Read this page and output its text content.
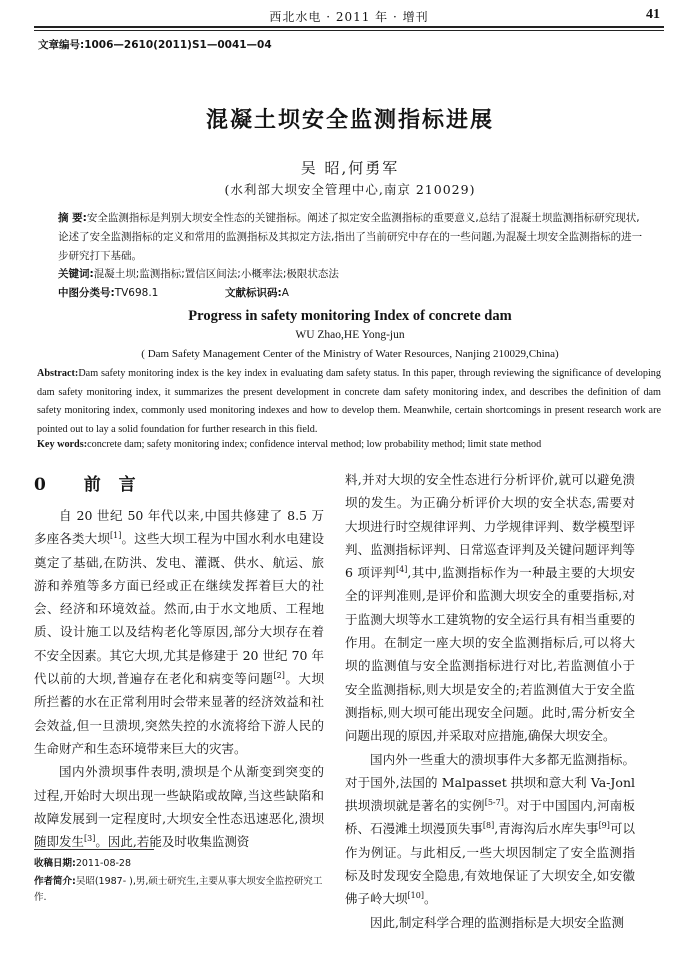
西北水电 · 2011 年 · 增刊	41
文章编号:1006—2610(2011)S1—0041—04
混凝土坝安全监测指标进展
吴 昭,何勇军
(水利部大坝安全管理中心,南京 210029)
摘 要:安全监测指标是判别大坝安全性态的关键指标。阐述了拟定安全监测指标的重要意义,总结了混凝土坝监测指标研究现状,论述了安全监测指标的定义和常用的监测指标及其拟定方法,指出了当前研究中存在的一些问题,为混凝土坝安全监测指标的进一步研究打下基础。
关键词:混凝土坝;监测指标;置信区间法;小概率法;极限状态法
中图分类号:TV698.1	文献标识码:A
Progress in safety monitoring Index of concrete dam
WU Zhao,HE Yong-jun
( Dam Safety Management Center of the Ministry of Water Resources, Nanjing 210029,China)
Abstract:Dam safety monitoring index is the key index in evaluating dam safety status. In this paper, through reviewing the significance of developing dam safety monitoring index, it summarizes the present development in concrete dam safety monitoring index, and describes the definition of dam safety monitoring index, commonly used monitoring indexes and how to develop them. Meanwhile, certain shortcomings in present research work are pointed out to lay a solid foundation for further research in this field.
Key words:concrete dam; safety monitoring index; confidence interval method; low probability method; limit state method
0 前 言

自 20 世纪 50 年代以来,中国共修建了 8.5 万多座各类大坝[1]。这些大坝工程为中国水利水电建设奠定了基础,在防洪、发电、灌溉、供水、航运、旅游和养殖等多方面已经或正在继续发挥着巨大的社会、经济和环境效益。然而,由于水文地质、工程地质、设计施工以及结构老化等原因,部分大坝存在着不安全因素。其它大坝,尤其是修建于 20 世纪 70 年代以前的大坝,普遍存在老化和病变等问题[2]。大坝所拦蓄的水在正常利用时会带来显著的经济效益和社会效益,但一旦溃坝,突然失控的水流将给下游人民的生命财产和生态环境带来巨大的灾害。

国内外溃坝事件表明,溃坝是个从渐变到突变的过程,开始时大坝出现一些缺陷或故障,当这些缺陷和故障发展到一定程度时,大坝安全性态迅速恶化,溃坝随即发生[3]。因此,若能及时收集监测资

料,并对大坝的安全性态进行分析评价,就可以避免溃坝的发生。为正确分析评价大坝的安全状态,需要对大坝进行时空规律评判、力学规律评判、数学模型评判、监测指标评判、日常巡查评判及关键问题评判等 6 项评判[4],其中,监测指标作为一种最主要的大坝安全的评判准则,是评价和监测大坝安全的重要指标,对于监测大坝等水工建筑物的安全运行具有相当重要的作用。在制定一座大坝的安全监测指标后,可以将大坝的监测值与安全监测指标进行对比,若监测值小于安全监测指标,则大坝是安全的;若监测值大于安全监测指标,则大坝可能出现安全问题。此时,需分析安全问题出现的原因,并采取对应措施,确保大坝安全。

国内外一些重大的溃坝事件大多都无监测指标。对于国外,法国的 Malpasset 拱坝和意大利 Va-Jonl 拱坝溃坝就是著名的实例[5-7]。对于中国国内,河南板桥、石漫滩土坝漫顶失事[8],青海沟后水库失事[9]可以作为例证。与此相反,一些大坝因制定了安全监测指标及时发现安全隐患,有效地保证了大坝安全,如安徽佛子岭大坝[10]。

因此,制定科学合理的监测指标是大坝安全监测

收稿日期:2011-08-28
作者简介:吴昭(1987- ),男,硕士研究生,主要从事大坝安全监控研究工作.
